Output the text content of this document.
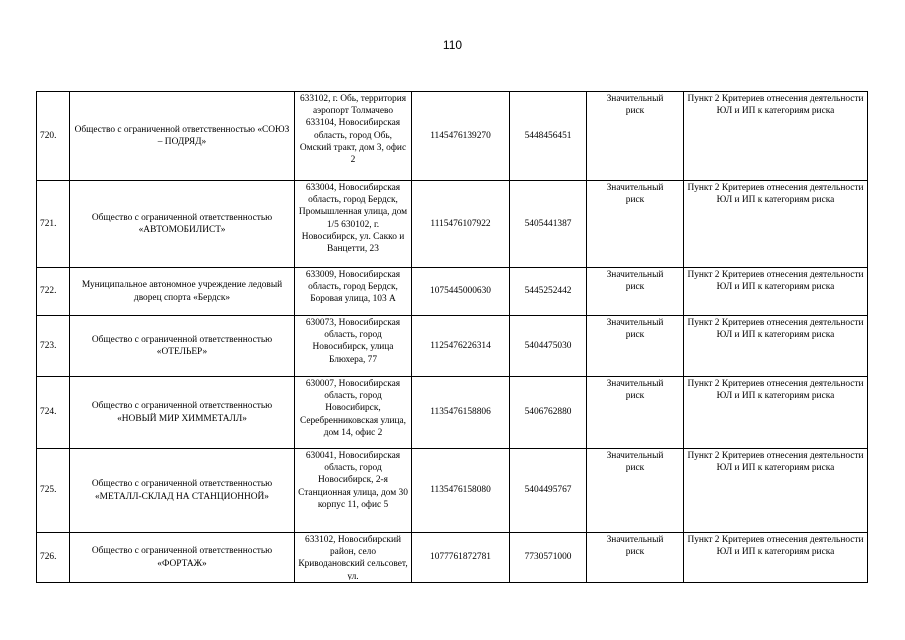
110
720.	Общество с ограниченной ответственностью «СОЮЗ – ПОДРЯД»	633102, г. Обь, территория аэропорт Толмачево 633104, Новосибирская область, город Обь, Омский тракт, дом 3, офис 2	1145476139270	5448456451	Значительный риск	Пункт 2 Критериев отнесения деятельности ЮЛ и ИП к категориям риска
721.	Общество с ограниченной ответственностью «АВТОМОБИЛИСТ»	633004, Новосибирская область, город Бердск, Промышленная улица, дом 1/5 630102, г. Новосибирск, ул. Сакко и Ванцетти, 23	1115476107922	5405441387	Значительный риск	Пункт 2 Критериев отнесения деятельности ЮЛ и ИП к категориям риска
722.	Муниципальное автономное учреждение ледовый дворец спорта «Бердск»	633009, Новосибирская область, город Бердск, Боровая улица, 103 А	1075445000630	5445252442	Значительный риск	Пункт 2 Критериев отнесения деятельности ЮЛ и ИП к категориям риска
723.	Общество с ограниченной ответственностью «ОТЕЛЬЕР»	630073, Новосибирская область, город Новосибирск, улица Блюхера, 77	1125476226314	5404475030	Значительный риск	Пункт 2 Критериев отнесения деятельности ЮЛ и ИП к категориям риска
724.	Общество с ограниченной ответственностью «НОВЫЙ МИР ХИММЕТАЛЛ»	630007, Новосибирская область, город Новосибирск, Серебренниковская улица, дом 14, офис 2	1135476158806	5406762880	Значительный риск	Пункт 2 Критериев отнесения деятельности ЮЛ и ИП к категориям риска
725.	Общество с ограниченной ответственностью «МЕТАЛЛ-СКЛАД НА СТАНЦИОННОЙ»	630041, Новосибирская область, город Новосибирск, 2-я Станционная улица, дом 30 корпус 11, офис 5	1135476158080	5404495767	Значительный риск	Пункт 2 Критериев отнесения деятельности ЮЛ и ИП к категориям риска
726.	Общество с ограниченной ответственностью «ФОРТАЖ»	633102, Новосибирский район, село Криводановский сельсовет, ул.	1077761872781	7730571000	Значительный риск	Пункт 2 Критериев отнесения деятельности ЮЛ и ИП к категориям риска
